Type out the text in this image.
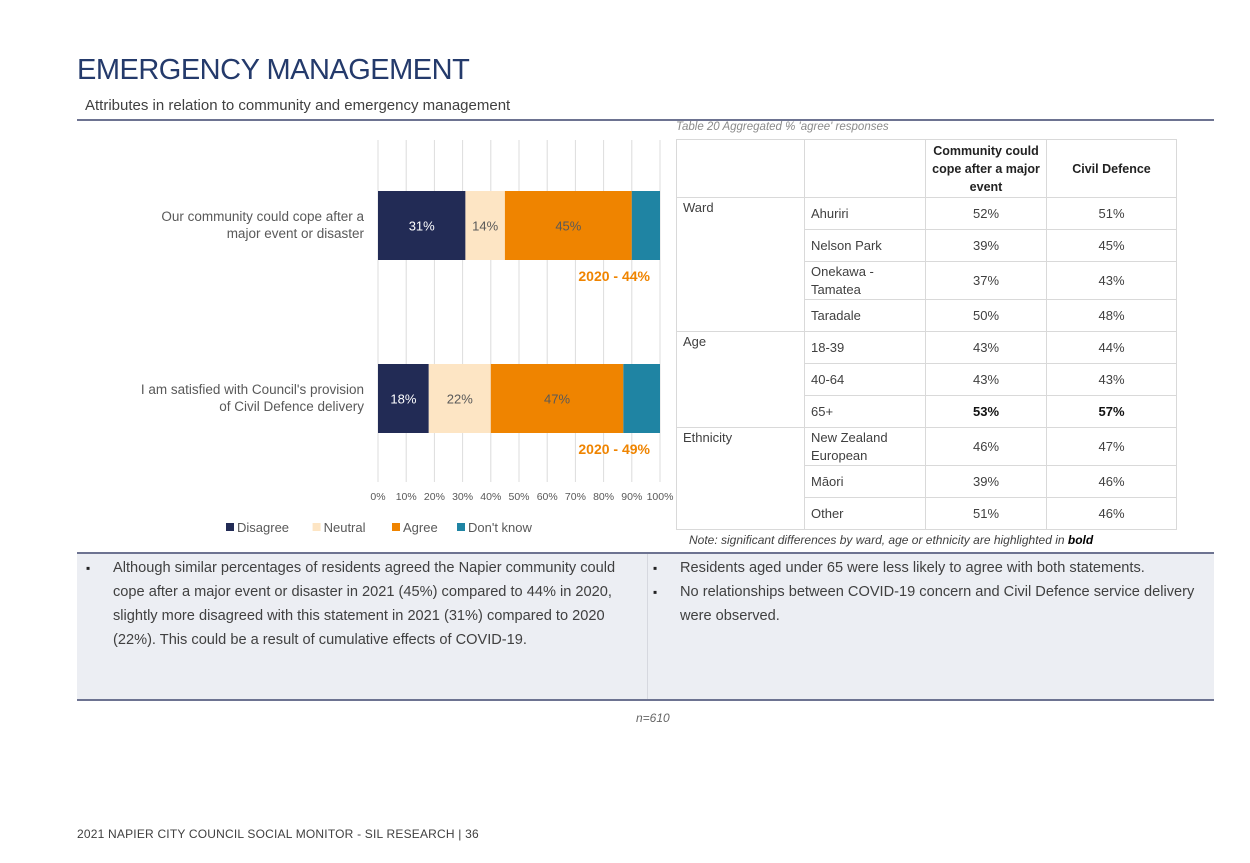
EMERGENCY MANAGEMENT
Attributes in relation to community and emergency management
0% 10% 20% 30% 40% 50% 60% 70% 80% 90% 100%
Our community could cope after a
major event or disaster	31%	14%	45%
2020 - 44%
I am satisfied with Council's provision
of Civil Defence delivery 18% 22%	47%
2020 - 49%
Disagree	Neutral	Agree Don't know
Table 20 Aggregated % 'agree' responses
		Community could cope after a major event	Civil Defence
Ward	Ahuriri	52%	51%
	Nelson Park	39%	45%
	Onekawa - Tamatea	37%	43%
	Taradale	50%	48%
Age	18-39	43%	44%
	40-64	43%	43%
	65+	53%	57%
Ethnicity	New Zealand European	46%	47%
	Māori	39%	46%
	Other	51%	46%
Note: significant differences by ward, age or ethnicity are highlighted in bold
▪ Although similar percentages of residents agreed the Napier community could cope after a major event or disaster in 2021 (45%) compared to 44% in 2020, slightly more disagreed with this statement in 2021 (31%) compared to 2020 (22%). This could be a result of cumulative effects of COVID-19.
▪ Residents aged under 65 were less likely to agree with both statements.
▪ No relationships between COVID-19 concern and Civil Defence service delivery were observed.
n=610
2021 NAPIER CITY COUNCIL SOCIAL MONITOR - SIL RESEARCH | 36
